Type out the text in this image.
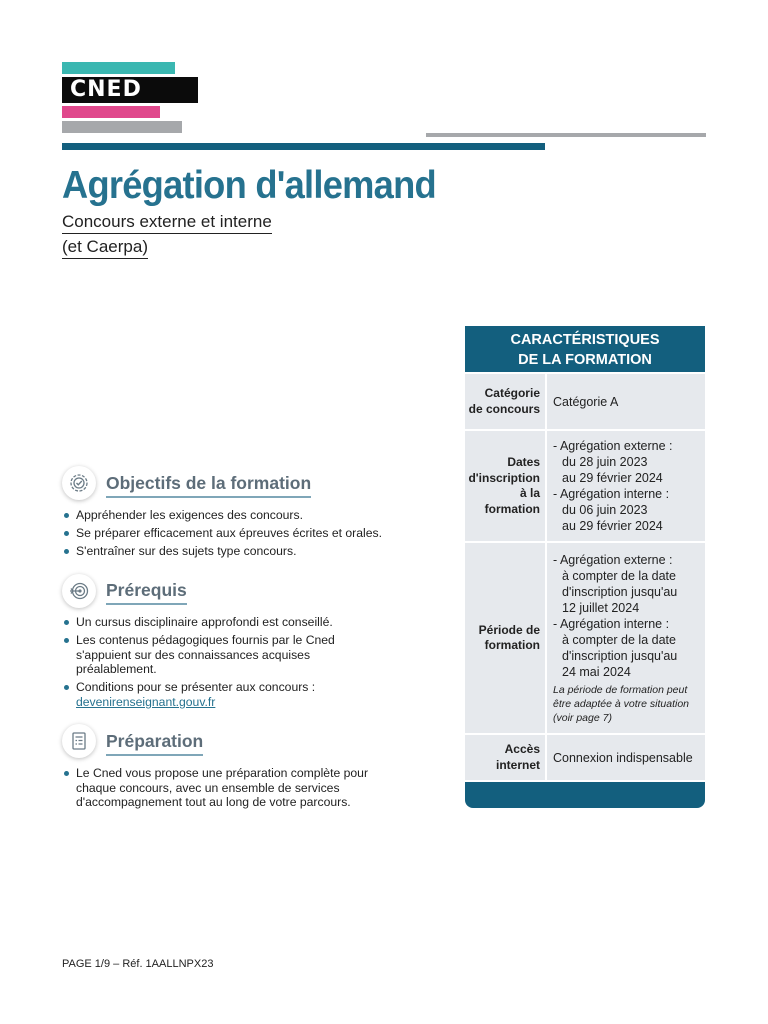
CNED
Agrégation d'allemand
Concours externe et interne
(et Caerpa)
Objectifs de la formation
Appréhender les exigences des concours.
Se préparer efficacement aux épreuves écrites et orales.
S'entraîner sur des sujets type concours.
Prérequis
Un cursus disciplinaire approfondi est conseillé.
Les contenus pédagogiques fournis par le Cned s'appuient sur des connaissances acquises préalablement.
Conditions pour se présenter aux concours :
devenirenseignant.gouv.fr
Préparation
Le Cned vous propose une préparation complète pour chaque concours, avec un ensemble de services d'accompagnement tout au long de votre parcours.
CARACTÉRISTIQUES
DE LA FORMATION
Catégorie
de concours Catégorie A
Dates
d'inscription
à la formation
- Agrégation externe :
du 28 juin 2023
au 29 février 2024
- Agrégation interne :
du 06 juin 2023
au 29 février 2024
Période de
formation
- Agrégation externe :
à compter de la date
d'inscription jusqu'au
12 juillet 2024
- Agrégation interne :
à compter de la date
d'inscription jusqu'au
24 mai 2024
La période de formation peut être adaptée à votre situation (voir page 7)
Accès
internet Connexion indispensable
PAGE 1/9 – Réf. 1AALLNPX23
